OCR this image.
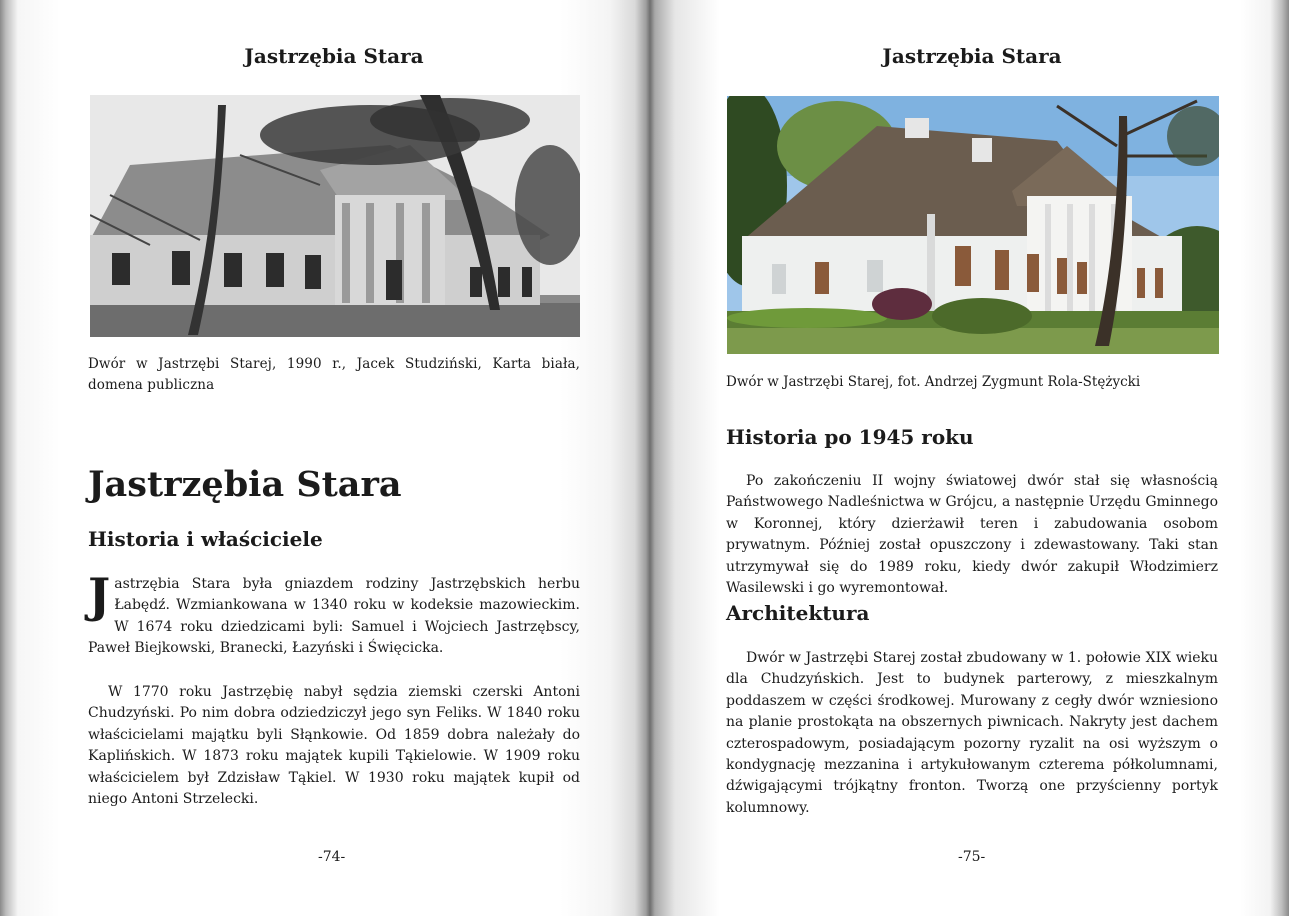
Jastrzębia Stara
Dwór w Jastrzębi Starej, 1990 r., Jacek Studziński, Karta biała, domena publiczna
Jastrzębia Stara
Historia i właściciele

Jastrzębia Stara była gniazdem rodziny Jastrzębskich herbu Łabędź. Wzmiankowana w 1340 roku w kodeksie mazowieckim. W 1674 roku dziedzicami byli: Samuel i Wojciech Jastrzębscy, Paweł Biejkowski, Branecki, Łazyński i Święcicka.

W 1770 roku Jastrzębię nabył sędzia ziemski czerski Antoni Chudzyński. Po nim dobra odziedziczył jego syn Feliks. W 1840 roku właścicielami majątku byli Słąnkowie. Od 1859 dobra należały do Kaplińskich. W 1873 roku majątek kupili Tąkielowie. W 1909 roku właścicielem był Zdzisław Tąkiel. W 1930 roku majątek kupił od niego Antoni Strzelecki.

-74-
Jastrzębia Stara
Dwór w Jastrzębi Starej, fot. Andrzej Zygmunt Rola-Stężycki
Historia po 1945 roku

Po zakończeniu II wojny światowej dwór stał się własnością Państwowego Nadleśnictwa w Grójcu, a następnie Urzędu Gminnego w Koronnej, który dzierżawił teren i zabudowania osobom prywatnym. Później został opuszczony i zdewastowany. Taki stan utrzymywał się do 1989 roku, kiedy dwór zakupił Włodzimierz Wasilewski i go wyremontował.

Architektura

Dwór w Jastrzębi Starej został zbudowany w 1. połowie XIX wieku dla Chudzyńskich. Jest to budynek parterowy, z mieszkalnym poddaszem w części środkowej. Murowany z cegły dwór wzniesiono na planie prostokąta na obszernych piwnicach. Nakryty jest dachem czterospadowym, posiadającym pozorny ryzalit na osi wyższym o kondygnację mezzanina i artykułowanym czterema półkolumnami, dźwigającymi trójkątny fronton. Tworzą one przyścienny portyk kolumnowy.

-75-
